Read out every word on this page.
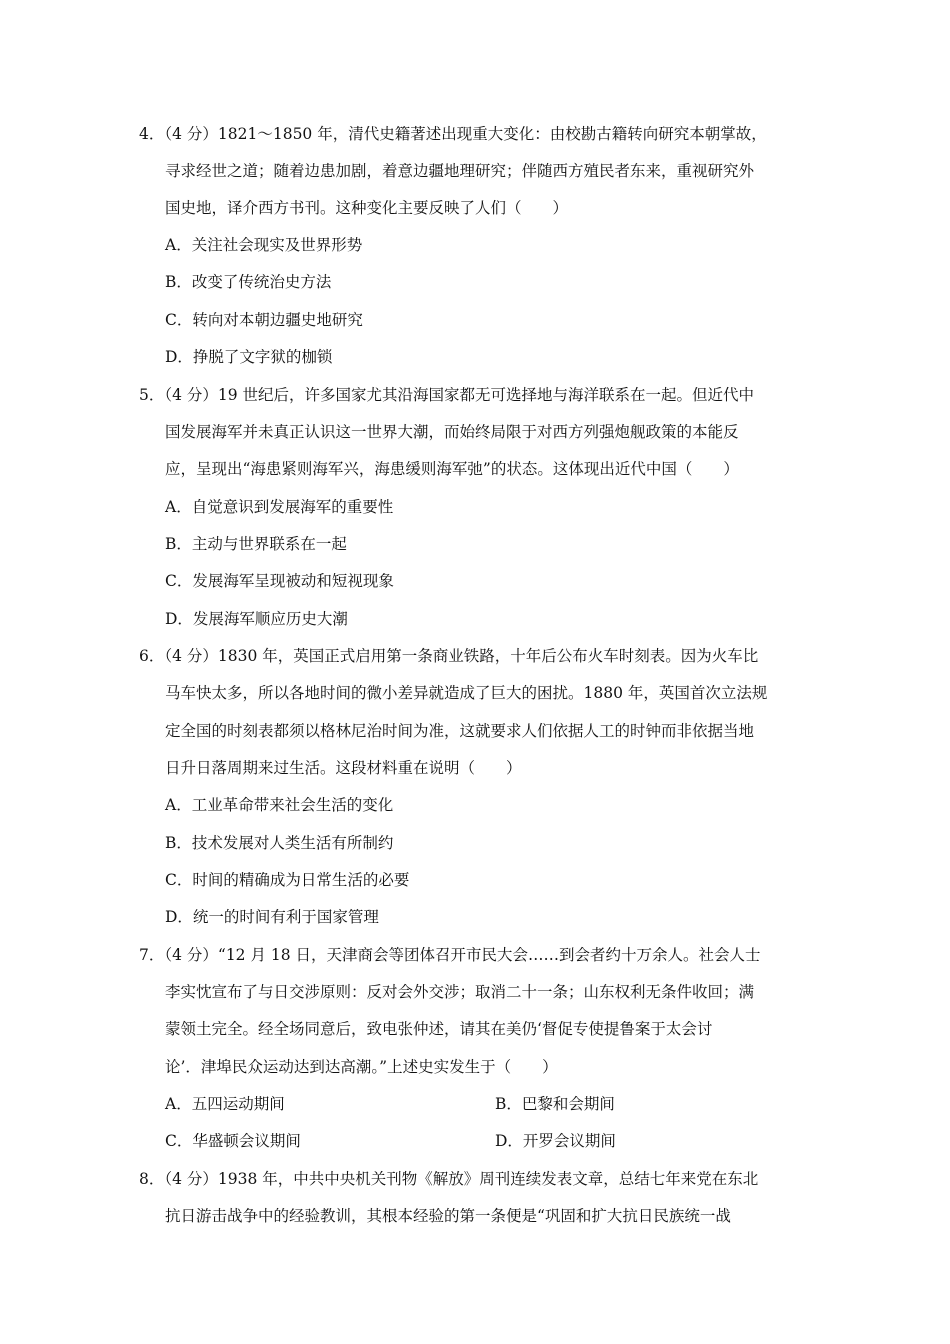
4．（4 分）1821～1850 年，清代史籍著述出现重大变化：由校勘古籍转向研究本朝掌故，
寻求经世之道；随着边患加剧，着意边疆地理研究；伴随西方殖民者东来，重视研究外
国史地，译介西方书刊。这种变化主要反映了人们（　　）
A．关注社会现实及世界形势
B．改变了传统治史方法
C．转向对本朝边疆史地研究
D．挣脱了文字狱的枷锁
5．（4 分）19 世纪后，许多国家尤其沿海国家都无可选择地与海洋联系在一起。但近代中
国发展海军并未真正认识这一世界大潮，而始终局限于对西方列强炮舰政策的本能反
应，呈现出“海患紧则海军兴，海患缓则海军弛”的状态。这体现出近代中国（　　）
A．自觉意识到发展海军的重要性
B．主动与世界联系在一起
C．发展海军呈现被动和短视现象
D．发展海军顺应历史大潮
6．（4 分）1830 年，英国正式启用第一条商业铁路，十年后公布火车时刻表。因为火车比
马车快太多，所以各地时间的微小差异就造成了巨大的困扰。1880 年，英国首次立法规
定全国的时刻表都须以格林尼治时间为准，这就要求人们依据人工的时钟而非依据当地
日升日落周期来过生活。这段材料重在说明（　　）
A．工业革命带来社会生活的变化
B．技术发展对人类生活有所制约
C．时间的精确成为日常生活的必要
D．统一的时间有利于国家管理
7．（4 分）“12 月 18 日，天津商会等团体召开市民大会……到会者约十万余人。社会人士
李实忱宣布了与日交涉原则：反对会外交涉；取消二十一条；山东权利无条件收回；满
蒙领土完全。经全场同意后，致电张仲述，请其在美仍‘督促专使提鲁案于太会讨
论’．津埠民众运动达到达高潮。”上述史实发生于（　　）
A．五四运动期间	B．巴黎和会期间
C．华盛顿会议期间	D．开罗会议期间
8．（4 分）1938 年，中共中央机关刊物《解放》周刊连续发表文章，总结七年来党在东北
抗日游击战争中的经验教训，其根本经验的第一条便是“巩固和扩大抗日民族统一战
